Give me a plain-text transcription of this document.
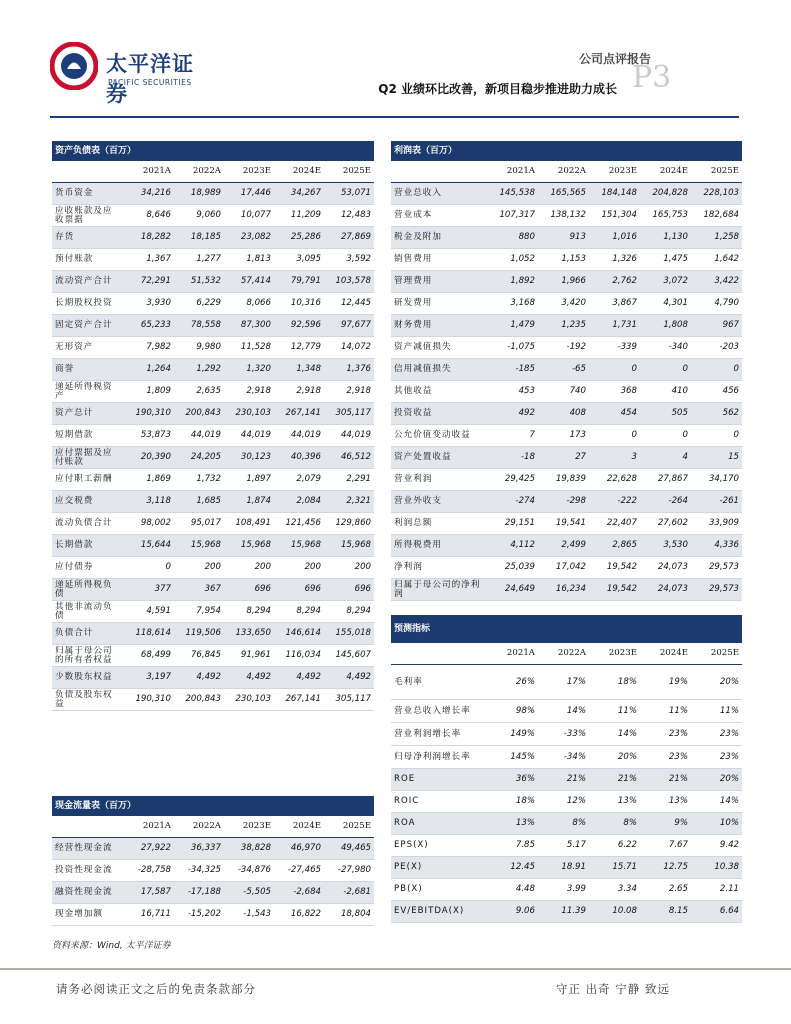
太平洋证券
PACIFIC SECURITIES
公司点评报告
P3
Q2 业绩环比改善，新项目稳步推进助力成长
资产负债表（百万）					
	2021A	2022A	2023E	2024E	2025E
货币资金	34,216	18,989	17,446	34,267	53,071
应收账款及应收票据	8,646	9,060	10,077	11,209	12,483
存货	18,282	18,185	23,082	25,286	27,869
预付账款	1,367	1,277	1,813	3,095	3,592
流动资产合计	72,291	51,532	57,414	79,791	103,578
长期股权投资	3,930	6,229	8,066	10,316	12,445
固定资产合计	65,233	78,558	87,300	92,596	97,677
无形资产	7,982	9,980	11,528	12,779	14,072
商誉	1,264	1,292	1,320	1,348	1,376
递延所得税资产	1,809	2,635	2,918	2,918	2,918
资产总计	190,310	200,843	230,103	267,141	305,117
短期借款	53,873	44,019	44,019	44,019	44,019
应付票据及应付账款	20,390	24,205	30,123	40,396	46,512
应付职工薪酬	1,869	1,732	1,897	2,079	2,291
应交税费	3,118	1,685	1,874	2,084	2,321
流动负债合计	98,002	95,017	108,491	121,456	129,860
长期借款	15,644	15,968	15,968	15,968	15,968
应付债券	0	200	200	200	200
递延所得税负债	377	367	696	696	696
其他非流动负债	4,591	7,954	8,294	8,294	8,294
负债合计	118,614	119,506	133,650	146,614	155,018
归属于母公司的所有者权益	68,499	76,845	91,961	116,034	145,607
少数股东权益	3,197	4,492	4,492	4,492	4,492
负债及股东权益	190,310	200,843	230,103	267,141	305,117
现金流量表（百万）					
	2021A	2022A	2023E	2024E	2025E
经营性现金流	27,922	36,337	38,828	46,970	49,465
投资性现金流	-28,758	-34,325	-34,876	-27,465	-27,980
融资性现金流	17,587	-17,188	-5,505	-2,684	-2,681
现金增加额	16,711	-15,202	-1,543	16,822	18,804
利润表（百万）					
	2021A	2022A	2023E	2024E	2025E
营业总收入	145,538	165,565	184,148	204,828	228,103
营业成本	107,317	138,132	151,304	165,753	182,684
税金及附加	880	913	1,016	1,130	1,258
销售费用	1,052	1,153	1,326	1,475	1,642
管理费用	1,892	1,966	2,762	3,072	3,422
研发费用	3,168	3,420	3,867	4,301	4,790
财务费用	1,479	1,235	1,731	1,808	967
资产减值损失	-1,075	-192	-339	-340	-203
信用减值损失	-185	-65	0	0	0
其他收益	453	740	368	410	456
投资收益	492	408	454	505	562
公允价值变动收益	7	173	0	0	0
资产处置收益	-18	27	3	4	15
营业利润	29,425	19,839	22,628	27,867	34,170
营业外收支	-274	-298	-222	-264	-261
利润总额	29,151	19,541	22,407	27,602	33,909
所得税费用	4,112	2,499	2,865	3,530	4,336
净利润	25,039	17,042	19,542	24,073	29,573
归属于母公司的净利润	24,649	16,234	19,542	24,073	29,573
预测指标					
	2021A	2022A	2023E	2024E	2025E
毛利率	26%	17%	18%	19%	20%
营业总收入增长率	98%	14%	11%	11%	11%
营业利润增长率	149%	-33%	14%	23%	23%
归母净利润增长率	145%	-34%	20%	23%	23%
ROE	36%	21%	21%	21%	20%
ROIC	18%	12%	13%	13%	14%
ROA	13%	8%	8%	9%	10%
EPS(X)	7.85	5.17	6.22	7.67	9.42
PE(X)	12.45	18.91	15.71	12.75	10.38
PB(X)	4.48	3.99	3.34	2.65	2.11
EV/EBITDA(X)	9.06	11.39	10.08	8.15	6.64
资料来源：Wind, 太平洋证券
请务必阅读正文之后的免责条款部分	守正 出奇 宁静 致远
